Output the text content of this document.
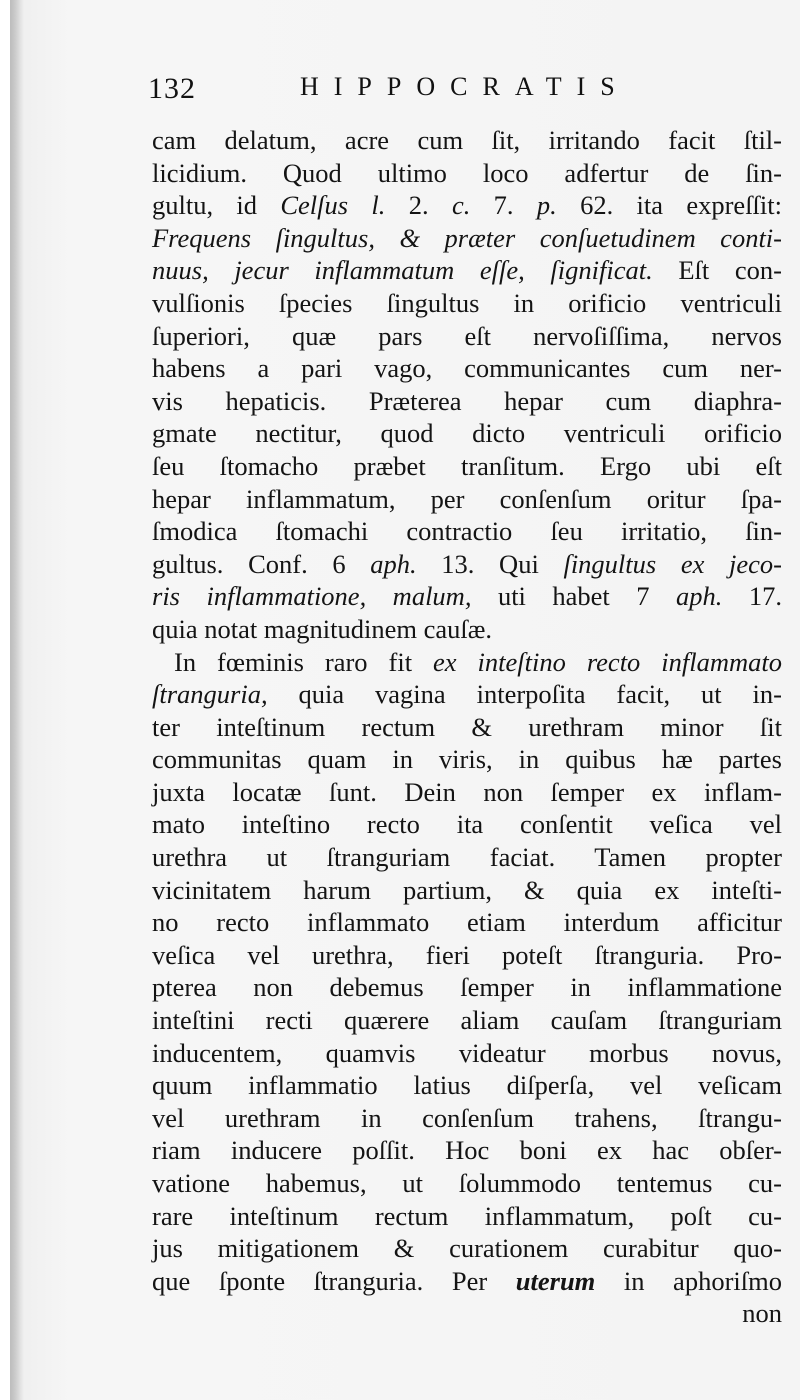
132	HIPPOCRATIS
cam delatum, acre cum ſit, irritando facit ſtil-
licidium. Quod ultimo loco adfertur de ſin-
gultu, id Celſus l. 2. c. 7. p. 62. ita expreſſit:
Frequens ſingultus, & præter conſuetudinem conti-
nuus, jecur inflammatum eſſe, ſignificat. Eſt con-
vulſionis ſpecies ſingultus in orificio ventriculi
ſuperiori, quæ pars eſt nervoſiſſima, nervos
habens a pari vago, communicantes cum ner-
vis hepaticis. Præterea hepar cum diaphra-
gmate nectitur, quod dicto ventriculi orificio
ſeu ſtomacho præbet tranſitum. Ergo ubi eſt
hepar inflammatum, per conſenſum oritur ſpa-
ſmodica ſtomachi contractio ſeu irritatio, ſin-
gultus. Conf. 6 aph. 13. Qui ſingultus ex jeco-
ris inflammatione, malum, uti habet 7 aph. 17.
quia notat magnitudinem cauſæ.
In fœminis raro fit ex inteſtino recto inflammato
ſtranguria, quia vagina interpoſita facit, ut in-
ter inteſtinum rectum & urethram minor ſit
communitas quam in viris, in quibus hæ partes
juxta locatæ ſunt. Dein non ſemper ex inflam-
mato inteſtino recto ita conſentit veſica vel
urethra ut ſtranguriam faciat. Tamen propter
vicinitatem harum partium, & quia ex inteſti-
no recto inflammato etiam interdum afficitur
veſica vel urethra, fieri poteſt ſtranguria. Pro-
pterea non debemus ſemper in inflammatione
inteſtini recti quærere aliam cauſam ſtranguriam
inducentem, quamvis videatur morbus novus,
quum inflammatio latius diſperſa, vel veſicam
vel urethram in conſenſum trahens, ſtrangu-
riam inducere poſſit. Hoc boni ex hac obſer-
vatione habemus, ut ſolummodo tentemus cu-
rare inteſtinum rectum inflammatum, poſt cu-
jus mitigationem & curationem curabitur quo-
que ſponte ſtranguria. Per uterum in aphoriſmo
non
